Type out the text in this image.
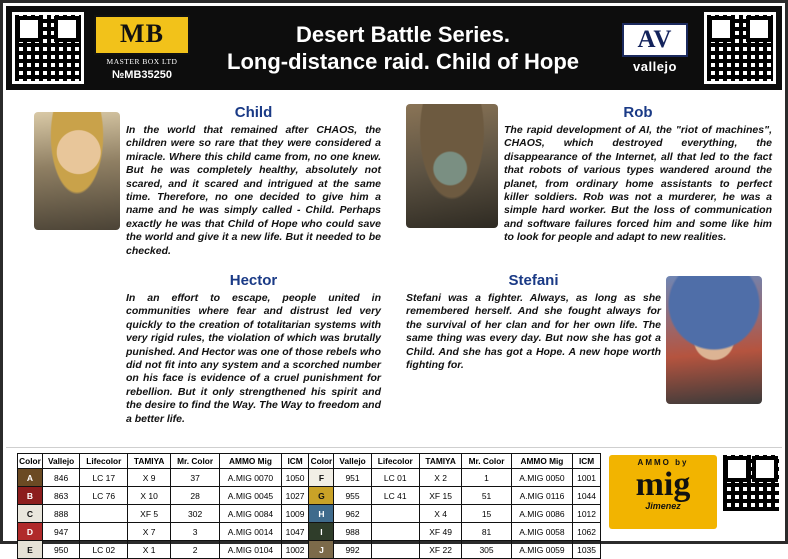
MB
MASTER BOX LTD
№MB35250
Desert Battle Series.
Long-distance raid. Child of Hope
AV
vallejo
Child
In the world that remained after CHAOS, the children were so rare that they were considered a miracle. Where this child came from, no one knew. But he was completely healthy, absolutely not scared, and it scared and intrigued at the same time. Therefore, no one decided to give him a name and he was simply called - Child. Perhaps exactly he was that Child of Hope who could save the world and give it a new life. But it needed to be checked.
Rob
The rapid development of AI, the "riot of machines", CHAOS, which destroyed everything, the disappearance of the Internet, all that led to the fact that robots of various types wandered around the planet, from ordinary home assistants to perfect killer soldiers. Rob was not a murderer, he was a simple hard worker. But the loss of communication and software failures forced him and some like him to look for people and adapt to new realities.
Hector
In an effort to escape, people united in communities where fear and distrust led very quickly to the creation of totalitarian systems with very rigid rules, the violation of which was brutally punished. And Hector was one of those rebels who did not fit into any system and a scorched number on his face is evidence of a cruel punishment for rebellion. But it only strengthened his spirit and the desire to find the Way. The Way to freedom and a better life.
Stefani
Stefani was a fighter. Always, as long as she remembered herself. And she fought always for the survival of her clan and for her own life. The same thing was every day. But now she has got a Child. And she has got a Hope. A new hope worth fighting for.
Color	Vallejo	Lifecolor	TAMIYA	Mr. Color	AMMO Mig	ICM	Color	Vallejo	Lifecolor	TAMIYA	Mr. Color	AMMO Mig	ICM
A	846	LC 17	X 9	37	A.MIG 0070	1050	F	951	LC 01	X 2	1	A.MIG 0050	1001
B	863	LC 76	X 10	28	A.MIG 0045	1027	G	955	LC 41	XF 15	51	A.MIG 0116	1044
C	888		XF 5	302	A.MIG 0084	1009	H	962		X 4	15	A.MIG 0086	1012
D	947		X 7	3	A.MIG 0014	1047	I	988		XF 49	81	A.MIG 0058	1062
E	950	LC 02	X 1	2	A.MIG 0104	1002	J	992		XF 22	305	A.MIG 0059	1035
AMMO by
mig
Jimenez
